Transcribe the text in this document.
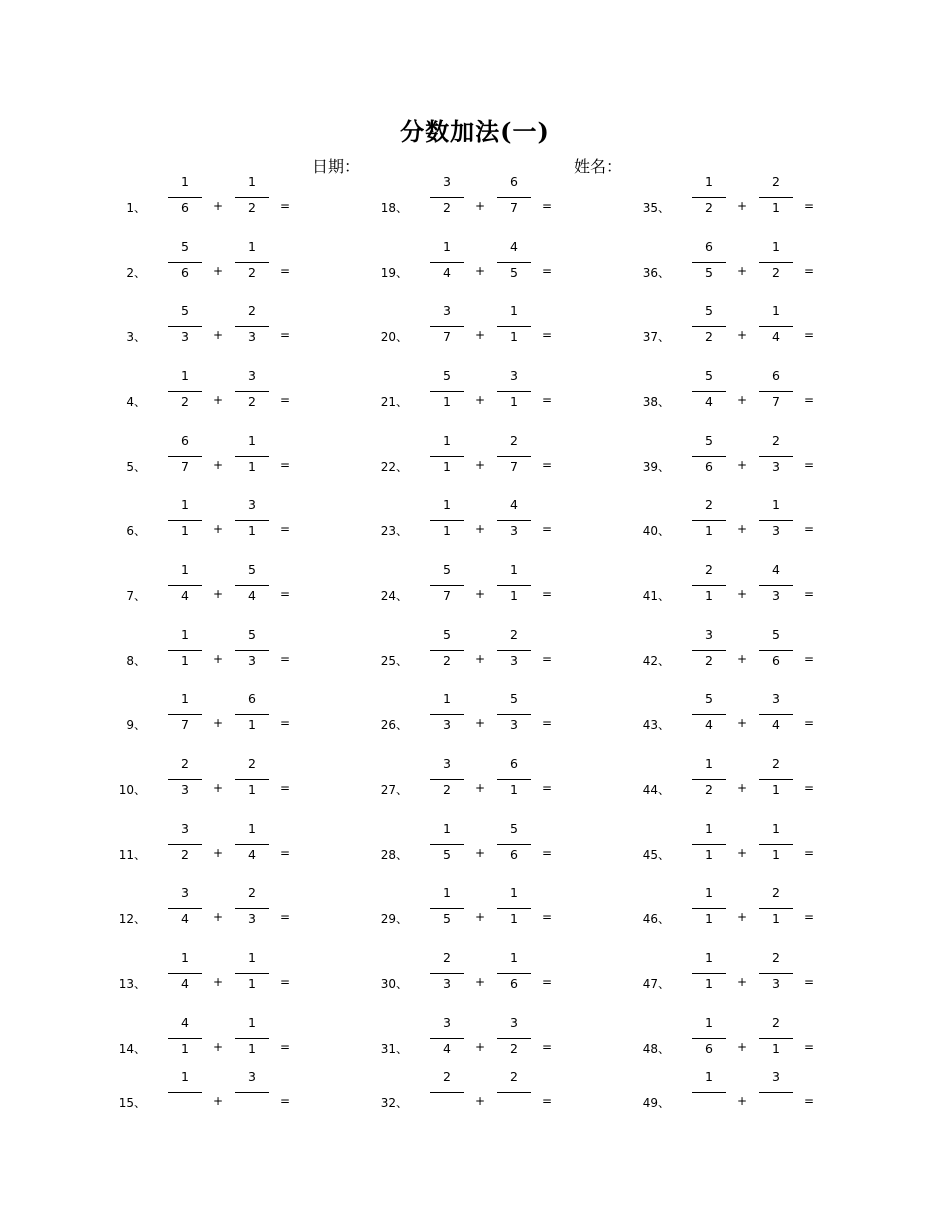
分数加法(一)
日期：	姓名：
1、
1
6	+
1
2	=
2、
5
6	+
1
2	=
3、
5
3	+
2
3	=
4、
1
2	+
3
2	=
5、
6
7	+
1
1	=
6、
1
1	+
3
1	=
7、
1
4	+
5
4	=
8、
1
1	+
5
3	=
9、
1
7	+
6
1	=
10、
2
3	+
2
1	=
11、
3
2	+
1
4	=
12、
3
4	+
2
3	=
13、
1
4	+
1
1	=
14、
4
1	+
1
1	=
15、
1
+
3
=
18、
3
2	+
6
7	=
19、
1
4	+
4
5	=
20、
3
7	+
1
1	=
21、
5
1	+
3
1	=
22、
1
1	+
2
7	=
23、
1
1	+
4
3	=
24、
5
7	+
1
1	=
25、
5
2	+
2
3	=
26、
1
3	+
5
3	=
27、
3
2	+
6
1	=
28、
1
5	+
5
6	=
29、
1
5	+
1
1	=
30、
2
3	+
1
6	=
31、
3
4	+
3
2	=
32、
2
+
2
=
35、
1
2	+
2
1	=
36、
6
5	+
1
2	=
37、
5
2	+
1
4	=
38、
5
4	+
6
7	=
39、
5
6	+
2
3	=
40、
2
1	+
1
3	=
41、
2
1	+
4
3	=
42、
3
2	+
5
6	=
43、
5
4	+
3
4	=
44、
1
2	+
2
1	=
45、
1
1	+
1
1	=
46、
1
1	+
2
1	=
47、
1
1	+
2
3	=
48、
1
6	+
2
1	=
49、
1
+
3
=
